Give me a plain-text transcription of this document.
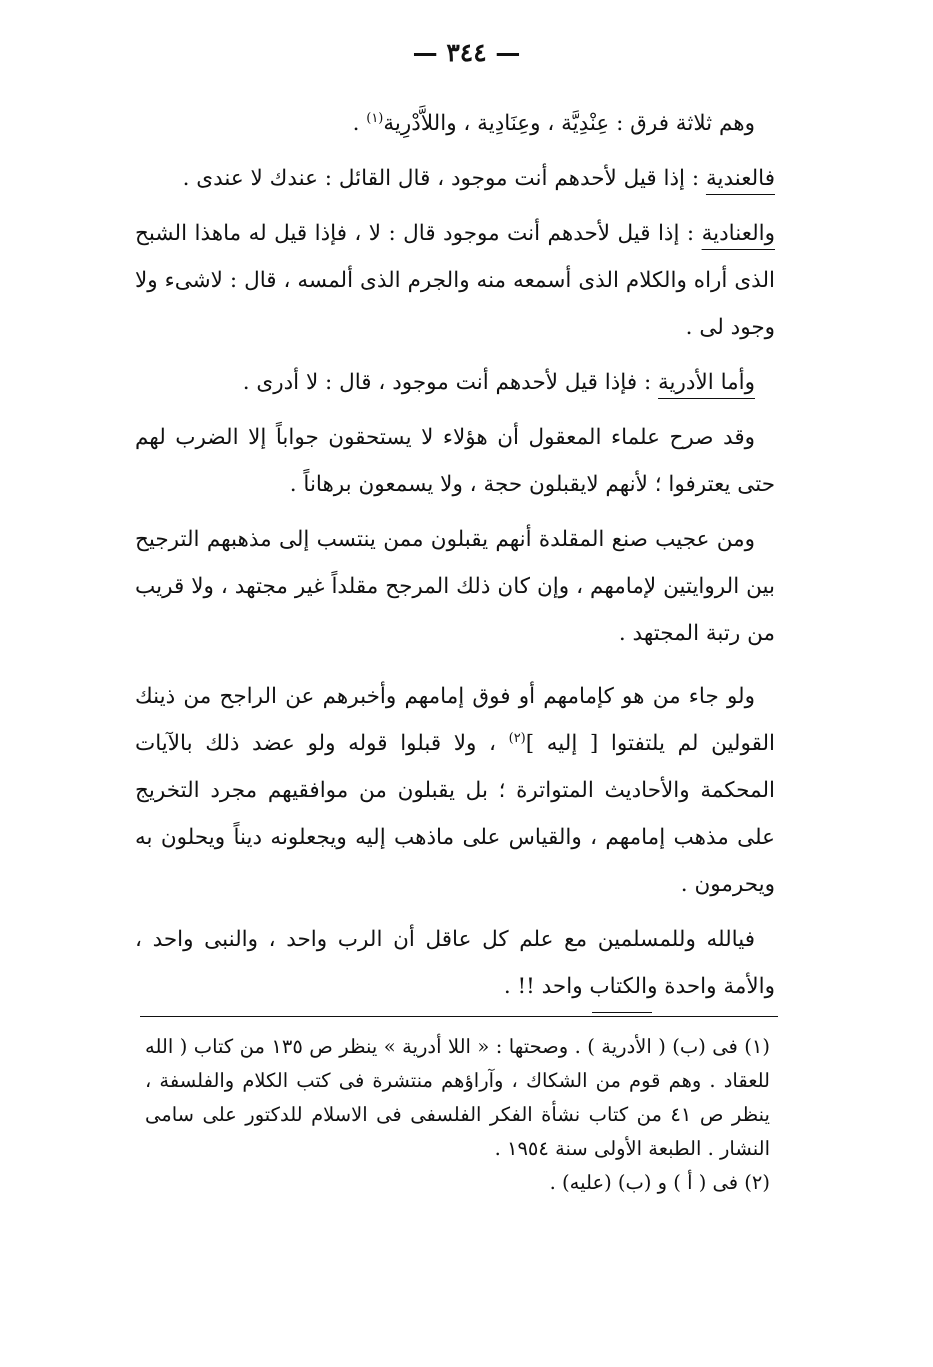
— ٣٤٤ —

وهم ثلاثة فرق : عِنْدِيَّة ، وعِنَادِية ، واللاَّدْرِية$^{(١)}$ .

فالعندية : إذا قيل لأحدهم أنت موجود ، قال القائل : عندك لا عندى .

والعنادية : إذا قيل لأحدهم أنت موجود قال : لا ، فإذا قيل له ماهذا الشبح الذى أراه والكلام الذى أسمعه منه والجرم الذى ألمسه ، قال : لاشىء ولا وجود لى .

وأما الأدرية : فإذا قيل لأحدهم أنت موجود ، قال : لا أدرى .

وقد صرح علماء المعقول أن هؤلاء لا يستحقون جواباً إلا الضرب لهم حتى يعترفوا ؛ لأنهم لايقبلون حجة ، ولا يسمعون برهاناً .

ومن عجيب صنع المقلدة أنهم يقبلون ممن ينتسب إلى مذهبهم الترجيح بين الروايتين لإمامهم ، وإن كان ذلك المرجح مقلداً غير مجتهد ، ولا قريب من رتبة المجتهد .

ولو جاء من هو كإمامهم أو فوق إمامهم وأخبرهم عن الراجح من ذينك القولين لم يلتفتوا [ إليه ]$^{(٢)}$ ، ولا قبلوا قوله ولو عضد ذلك بالآيات المحكمة والأحاديث المتواترة ؛ بل يقبلون من موافقيهم مجرد التخريج على مذهب إمامهم ، والقياس على ماذهب إليه ويجعلونه ديناً ويحلون به ويحرمون .

فيالله وللمسلمين مع علم كل عاقل أن الرب واحد ، والنبى واحد ، والأمة واحدة والكتاب واحد !! .

(١) فى (ب) ( الأدرية ) . وصحتها : « اللا أدرية » ينظر ص ١٣٥ من كتاب ( الله للعقاد . وهم قوم من الشكاك ، وآراؤهم منتشرة فى كتب الكلام والفلسفة ، ينظر ص ٤١ من كتاب نشأة الفكر الفلسفى فى الاسلام للدكتور على سامى النشار . الطبعة الأولى سنة ١٩٥٤ .

(٢) فى ( أ ) و (ب) (عليه) .
